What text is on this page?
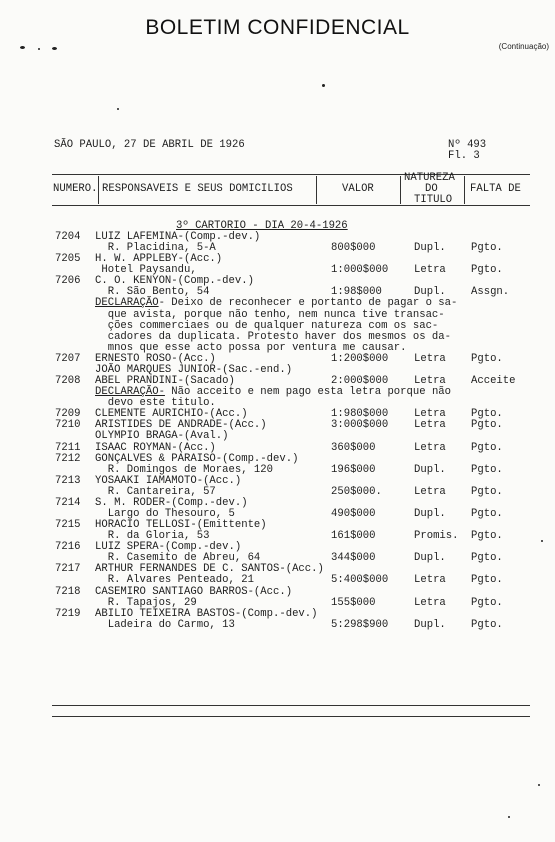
BOLETIM CONFIDENCIAL
(Continuação)
SÃO PAULO, 27 DE ABRIL DE 1926	Nº 493
Fl. 3
NUMERO. RESPONSAVEIS E SEUS DOMICILIOS	VALOR
NATUREZA
DO
TITULO
FALTA DE
3º CARTORIO - DIA 20-4-1926
7204 LUIZ LAFEMINA-(Comp.-dev.)
R. Placidina, 5-A	800$000	Dupl. Pgto.
7205 H. W. APPLEBY-(Acc.)
Hotel Paysandu,	1:000$000 Letra Pgto.
7206 C. O. KENYON-(Comp.-dev.)
R. São Bento, 54	1:98$000	Dupl. Assgn.
DECLARAÇÃO- Deixo de reconhecer e portanto de pagar o sa-
que avista, porque não tenho, nem nunca tive transac-
ções commerciaes ou de qualquer natureza com os sac-
cadores da duplicata. Protesto haver dos mesmos os da-
mnos que esse acto possa por ventura me causar.
7207 ERNESTO ROSO-(Acc.)	1:200$000 Letra Pgto.
JOÃO MARQUES JUNIOR-(Sac.-end.)
7208 ABEL PRANDINI-(Sacado)	2:000$000 Letra Acceite
DECLARAÇÃO- Não acceito e nem pago esta letra porque não
devo este titulo.
7209 CLEMENTE AURICHIO-(Acc.)	1:980$000 Letra Pgto.
7210 ARISTIDES DE ANDRADE-(Acc.)	3:000$000 Letra Pgto.
OLYMPIO BRAGA-(Aval.)
7211 ISAAC ROYMAN-(Acc.)	360$000	Letra Pgto.
7212 GONÇALVES & PARAISO-(Comp.-dev.)
R. Domingos de Moraes, 120	196$000	Dupl. Pgto.
7213 YOSAAKI IAMAMOTO-(Acc.)
R. Cantareira, 57	250$000.	Letra Pgto.
7214 S. M. RODER-(Comp.-dev.)
Largo do Thesouro, 5	490$000	Dupl. Pgto.
7215 HORACIO TELLOSI-(Emittente)
R. da Gloria, 53	161$000	Promis. Pgto.
7216 LUIZ SPERA-(Comp.-dev.)
R. Casemito de Abreu, 64	344$000	Dupl. Pgto.
7217 ARTHUR FERNANDES DE C. SANTOS-(Acc.)
R. Alvares Penteado, 21	5:400$000 Letra Pgto.
7218 CASEMIRO SANTIAGO BARROS-(Acc.)
R. Tapajos, 29	155$000	Letra Pgto.
7219 ABILIO TEIXEIRA BASTOS-(Comp.-dev.)
Ladeira do Carmo, 13	5:298$900 Dupl. Pgto.
